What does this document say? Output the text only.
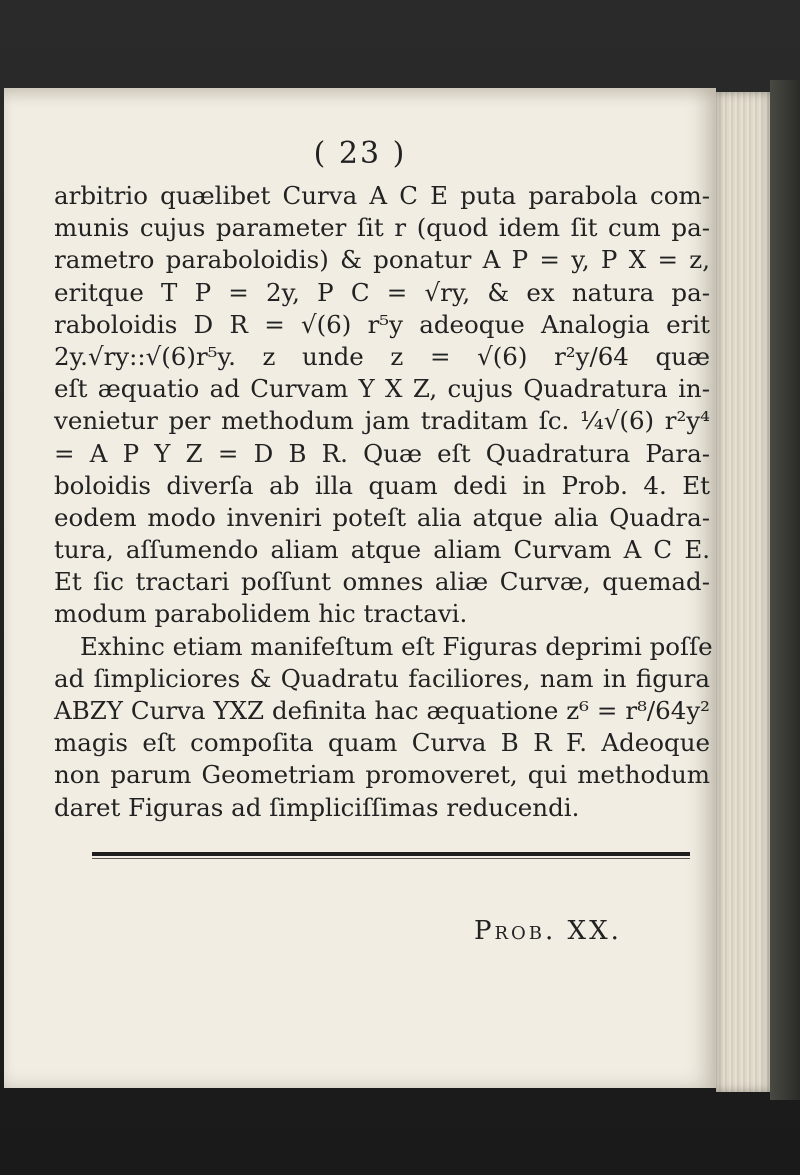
( 23 )
arbitrio quælibet Curva A C E puta parabola com-
munis cujus parameter ſit r (quod idem ſit cum pa-
rametro paraboloidis) & ponatur A P = y, P X = z,
eritque T P = 2y, P C = √ry, & ex natura pa-
raboloidis D R = √(6) r⁵y adeoque Analogia erit
2y.√ry::√(6)r⁵y. z unde z = √(6) r²y/64 quæ
eſt æquatio ad Curvam Y X Z, cujus Quadratura in-
venietur per methodum jam traditam ſc. ¼√(6) r²y⁴
= A P Y Z = D B R. Quæ eſt Quadratura Para-
boloidis diverſa ab illa quam dedi in Prob. 4. Et
eodem modo inveniri poteſt alia atque alia Quadra-
tura, aſſumendo aliam atque aliam Curvam A C E.
Et ſic tractari poſſunt omnes aliæ Curvæ, quemad-
modum parabolidem hic tractavi.
Exhinc etiam manifeſtum eſt Figuras deprimi poſſe
ad ſimpliciores & Quadratu faciliores, nam in figura
ABZY Curva YXZ definita hac æquatione z⁶ = r⁸/64y²
magis eſt compoſita quam Curva B R F. Adeoque
non parum Geometriam promoveret, qui methodum
daret Figuras ad ſimpliciſſimas reducendi.
Prob. XX.
